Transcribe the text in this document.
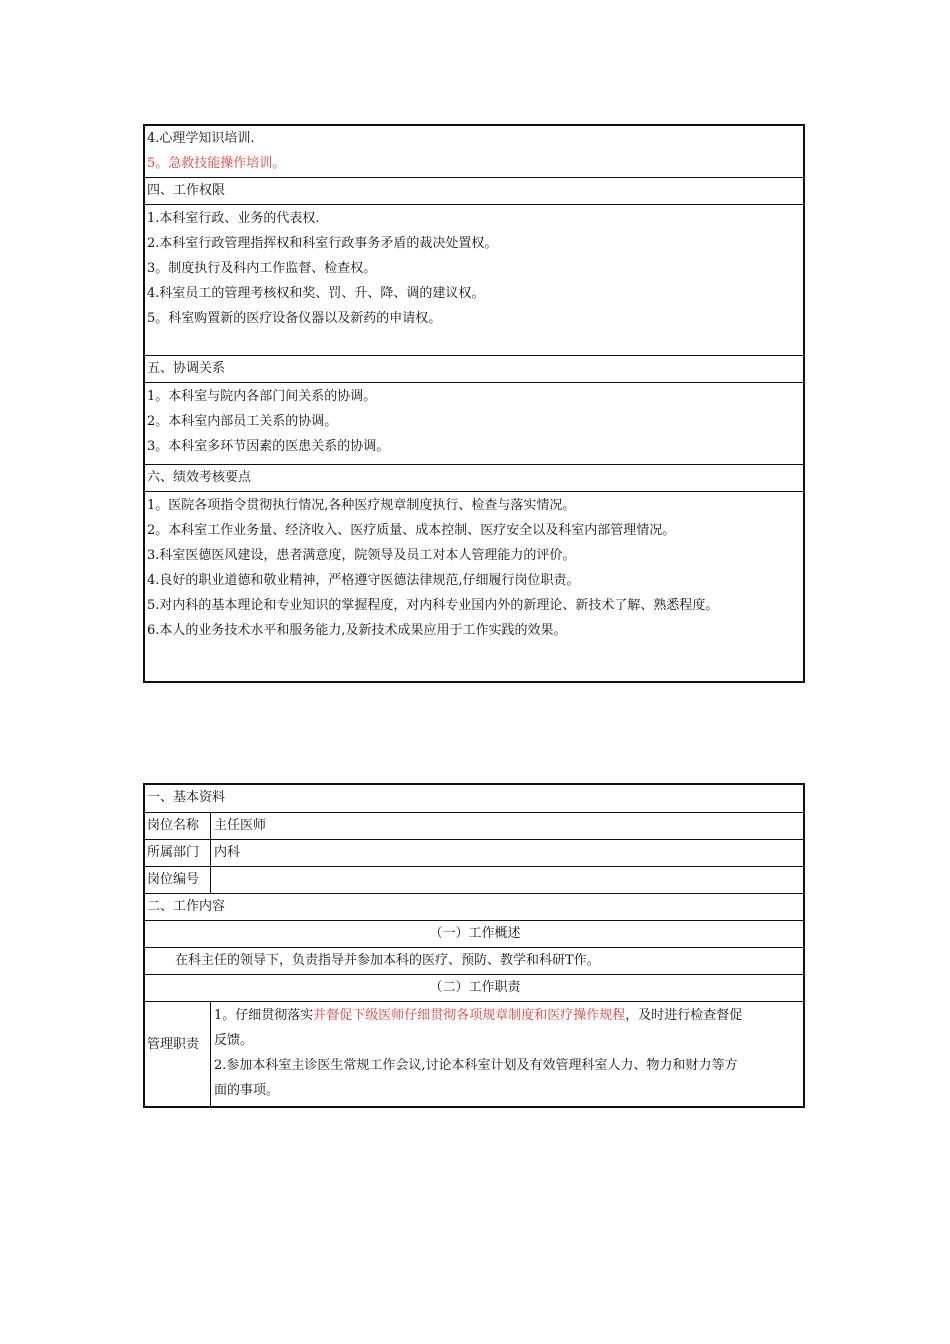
4.心理学知识培训.
5。急救技能操作培训。
四、工作权限
1.本科室行政、业务的代表权.
2.本科室行政管理指挥权和科室行政事务矛盾的裁决处置权。
3。制度执行及科内工作监督、检查权。
4.科室员工的管理考核权和奖、罚、升、降、调的建议权。
5。科室购置新的医疗设备仪器以及新药的申请权。
五、协调关系
1。本科室与院内各部门间关系的协调。
2。本科室内部员工关系的协调。
3。本科室多环节因素的医患关系的协调。
六、绩效考核要点
1。医院各项指令贯彻执行情况,各种医疗规章制度执行、检查与落实情况。
2。本科室工作业务量、经济收入、医疗质量、成本控制、医疗安全以及科室内部管理情况。
3.科室医德医风建设，患者满意度，院领导及员工对本人管理能力的评价。
4.良好的职业道德和敬业精神，严格遵守医德法律规范,仔细履行岗位职责。
5.对内科的基本理论和专业知识的掌握程度，对内科专业国内外的新理论、新技术了解、熟悉程度。
6.本人的业务技术水平和服务能力,及新技术成果应用于工作实践的效果。
一、基本资料
岗位名称	主任医师
所属部门	内科
岗位编号
二、工作内容
（一）工作概述
在科主任的领导下，负责指导并参加本科的医疗、预防、教学和科研T作。
（二）工作职责
管理职责
1。仔细贯彻落实并督促下级医师仔细贯彻各项规章制度和医疗操作规程，及时进行检查督促
反馈。
2.参加本科室主诊医生常规工作会议,讨论本科室计划及有效管理科室人力、物力和财力等方
面的事项。
